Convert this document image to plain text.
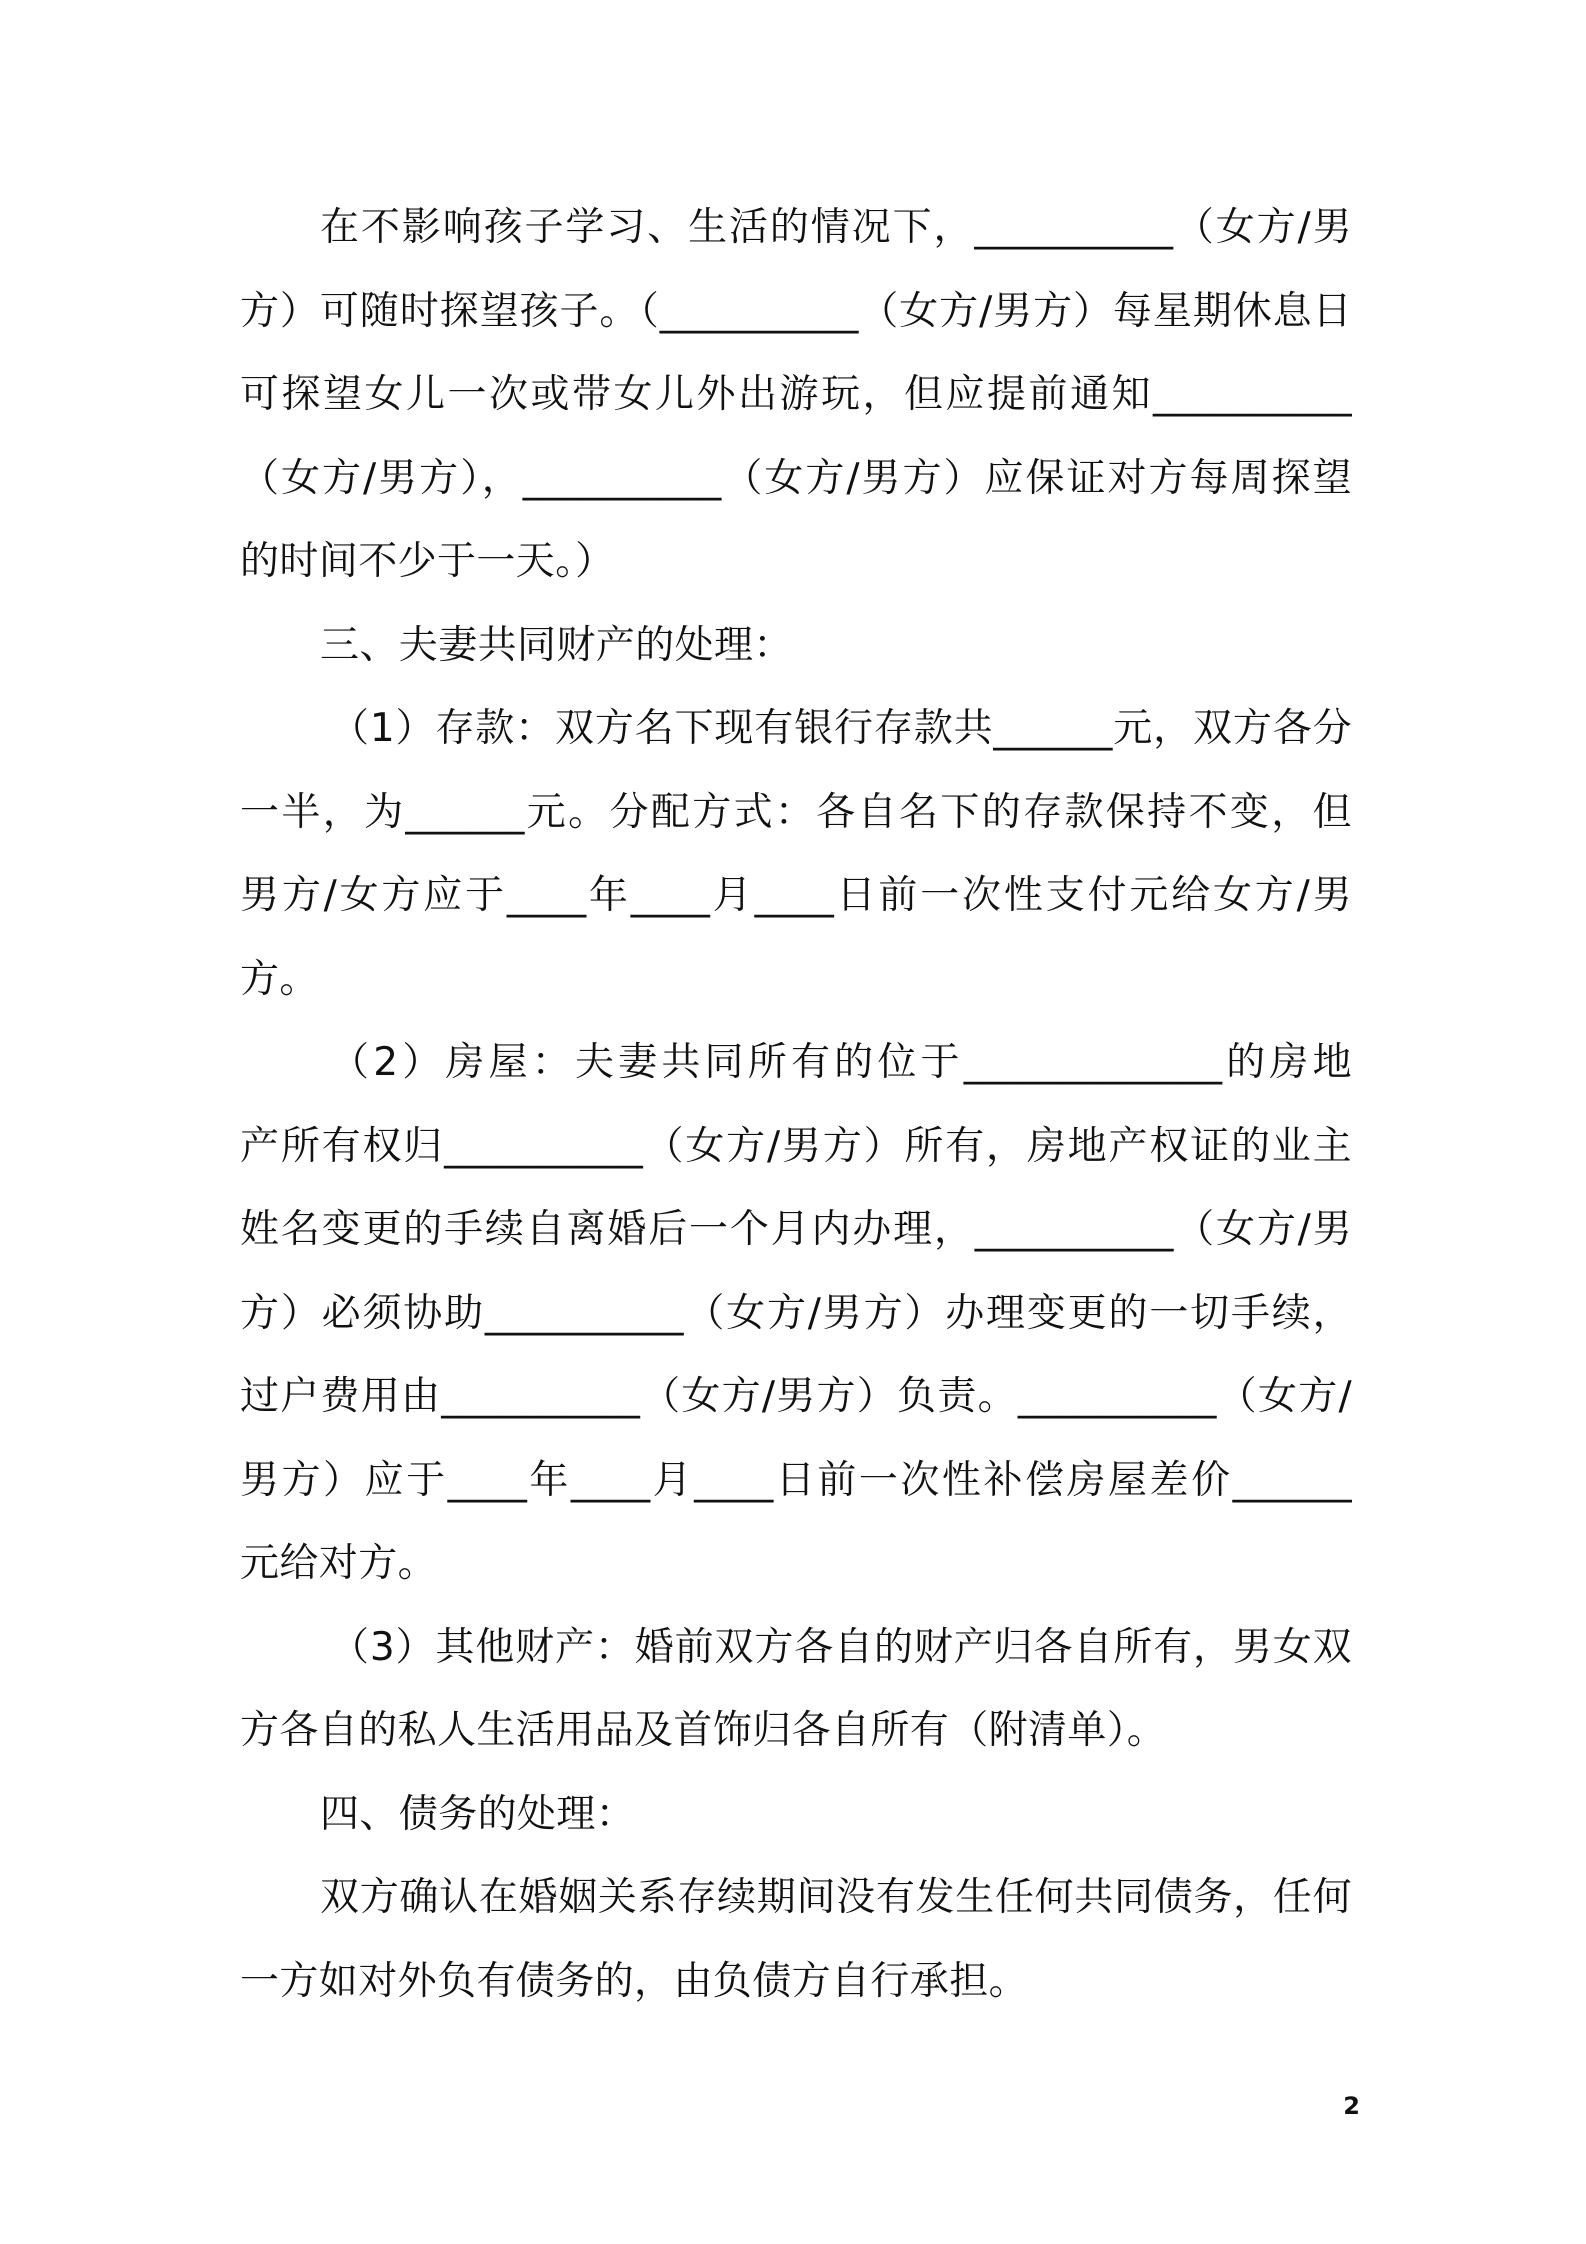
在不影响孩子学习、生活的情况下，__________（女方/男
方）可随时探望孩子。（__________（女方/男方）每星期休息日
可探望女儿一次或带女儿外出游玩，但应提前通知__________
（女方/男方），__________（女方/男方）应保证对方每周探望
的时间不少于一天。）
三、夫妻共同财产的处理：
（1）存款：双方名下现有银行存款共______元，双方各分
一半，为______元。分配方式：各自名下的存款保持不变，但
男方/女方应于____年____月____日前一次性支付元给女方/男
方。
（2）房屋：夫妻共同所有的位于_____________的房地
产所有权归__________（女方/男方）所有，房地产权证的业主
姓名变更的手续自离婚后一个月内办理，__________（女方/男
方）必须协助__________（女方/男方）办理变更的一切手续，
过户费用由__________（女方/男方）负责。__________（女方/
男方）应于____年____月____日前一次性补偿房屋差价______
元给对方。
（3）其他财产：婚前双方各自的财产归各自所有，男女双
方各自的私人生活用品及首饰归各自所有（附清单）。
四、债务的处理：
双方确认在婚姻关系存续期间没有发生任何共同债务，任何
一方如对外负有债务的，由负债方自行承担。
2
